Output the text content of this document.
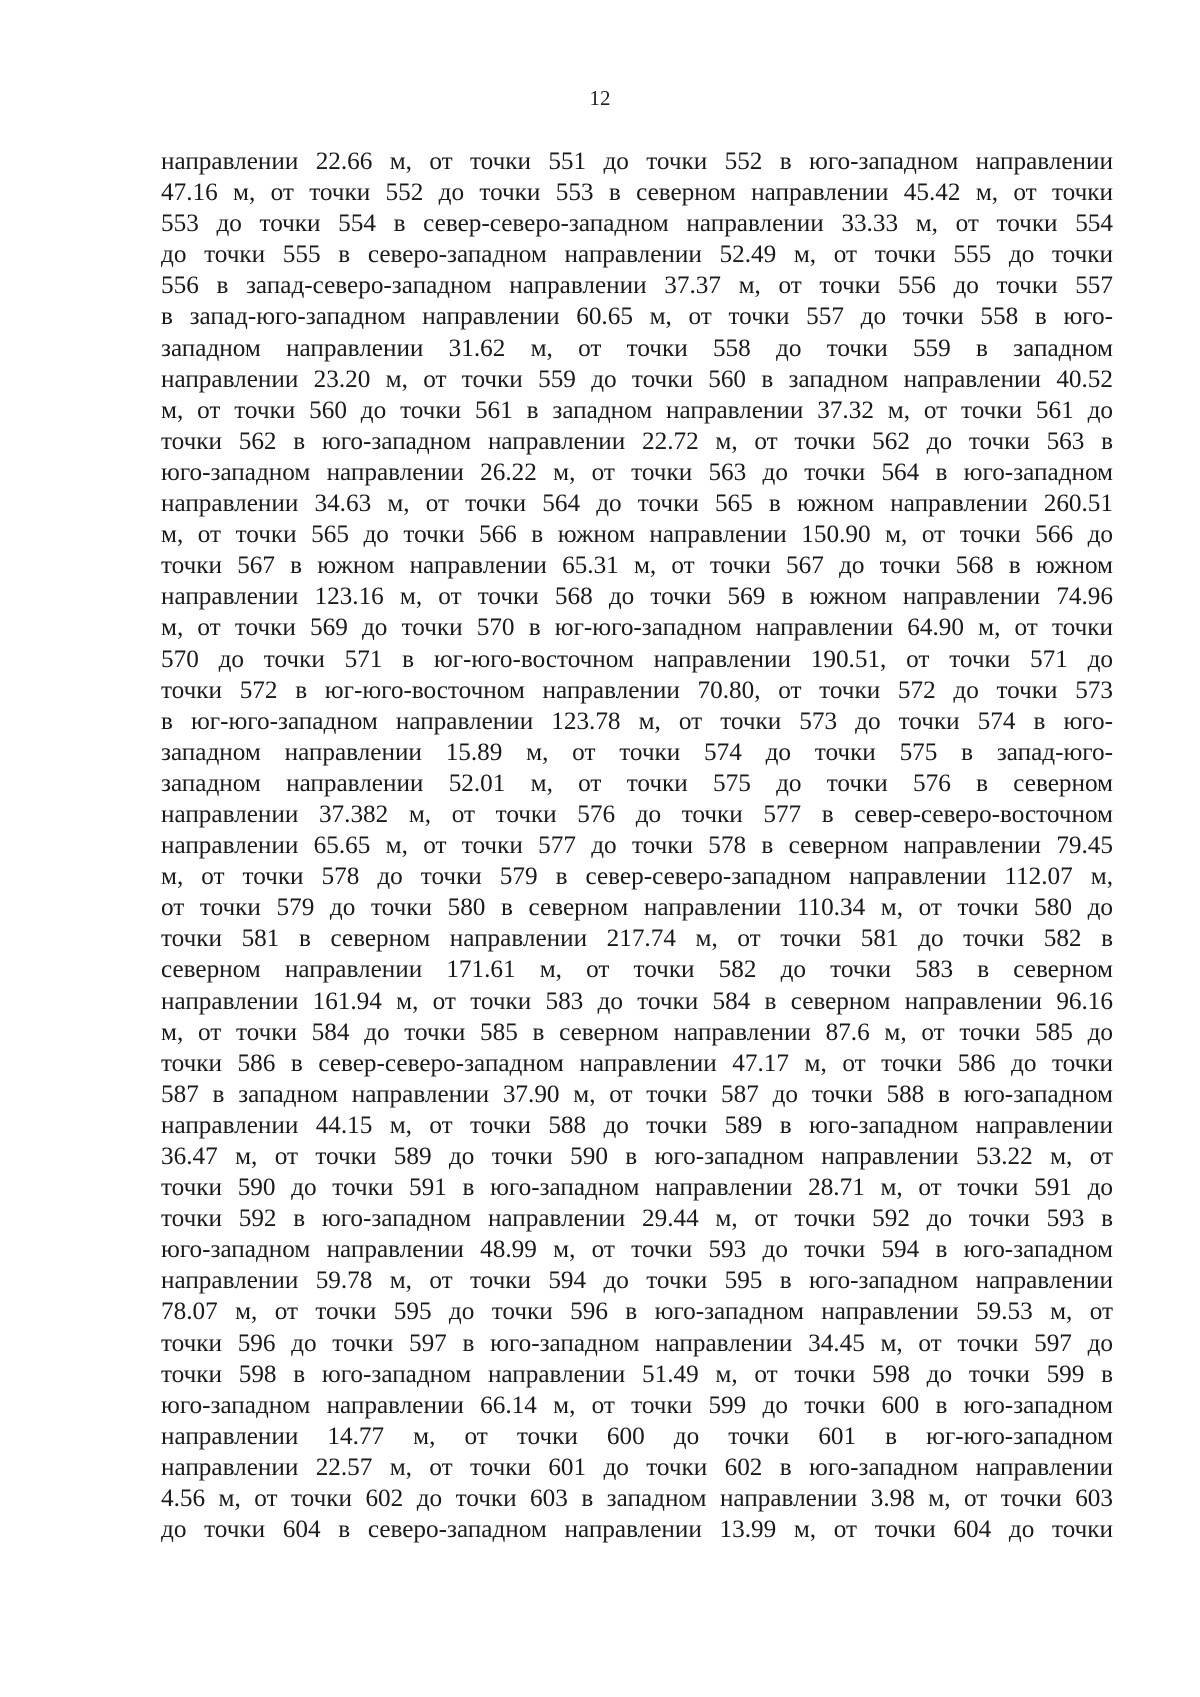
12
направлении 22.66 м, от точки 551 до точки 552 в юго-западном направлении
47.16 м, от точки 552 до точки 553 в северном направлении 45.42 м, от точки
553 до точки 554 в север-северо-западном направлении 33.33 м, от точки 554
до точки 555 в северо-западном направлении 52.49 м, от точки 555 до точки
556 в запад-северо-западном направлении 37.37 м, от точки 556 до точки 557
в запад-юго-западном направлении 60.65 м, от точки 557 до точки 558 в юго-
западном направлении 31.62 м, от точки 558 до точки 559 в западном
направлении 23.20 м, от точки 559 до точки 560 в западном направлении 40.52
м, от точки 560 до точки 561 в западном направлении 37.32 м, от точки 561 до
точки 562 в юго-западном направлении 22.72 м, от точки 562 до точки 563 в
юго-западном направлении 26.22 м, от точки 563 до точки 564 в юго-западном
направлении 34.63 м, от точки 564 до точки 565 в южном направлении 260.51
м, от точки 565 до точки 566 в южном направлении 150.90 м, от точки 566 до
точки 567 в южном направлении 65.31 м, от точки 567 до точки 568 в южном
направлении 123.16 м, от точки 568 до точки 569 в южном направлении 74.96
м, от точки 569 до точки 570 в юг-юго-западном направлении 64.90 м, от точки
570 до точки 571 в юг-юго-восточном направлении 190.51, от точки 571 до
точки 572 в юг-юго-восточном направлении 70.80, от точки 572 до точки 573
в юг-юго-западном направлении 123.78 м, от точки 573 до точки 574 в юго-
западном направлении 15.89 м, от точки 574 до точки 575 в запад-юго-
западном направлении 52.01 м, от точки 575 до точки 576 в северном
направлении 37.382 м, от точки 576 до точки 577 в север-северо-восточном
направлении 65.65 м, от точки 577 до точки 578 в северном направлении 79.45
м, от точки 578 до точки 579 в север-северо-западном направлении 112.07 м,
от точки 579 до точки 580 в северном направлении 110.34 м, от точки 580 до
точки 581 в северном направлении 217.74 м, от точки 581 до точки 582 в
северном направлении 171.61 м, от точки 582 до точки 583 в северном
направлении 161.94 м, от точки 583 до точки 584 в северном направлении 96.16
м, от точки 584 до точки 585 в северном направлении 87.6 м, от точки 585 до
точки 586 в север-северо-западном направлении 47.17 м, от точки 586 до точки
587 в западном направлении 37.90 м, от точки 587 до точки 588 в юго-западном
направлении 44.15 м, от точки 588 до точки 589 в юго-западном направлении
36.47 м, от точки 589 до точки 590 в юго-западном направлении 53.22 м, от
точки 590 до точки 591 в юго-западном направлении 28.71 м, от точки 591 до
точки 592 в юго-западном направлении 29.44 м, от точки 592 до точки 593 в
юго-западном направлении 48.99 м, от точки 593 до точки 594 в юго-западном
направлении 59.78 м, от точки 594 до точки 595 в юго-западном направлении
78.07 м, от точки 595 до точки 596 в юго-западном направлении 59.53 м, от
точки 596 до точки 597 в юго-западном направлении 34.45 м, от точки 597 до
точки 598 в юго-западном направлении 51.49 м, от точки 598 до точки 599 в
юго-западном направлении 66.14 м, от точки 599 до точки 600 в юго-западном
направлении 14.77 м, от точки 600 до точки 601 в юг-юго-западном
направлении 22.57 м, от точки 601 до точки 602 в юго-западном направлении
4.56 м, от точки 602 до точки 603 в западном направлении 3.98 м, от точки 603
до точки 604 в северо-западном направлении 13.99 м, от точки 604 до точки
